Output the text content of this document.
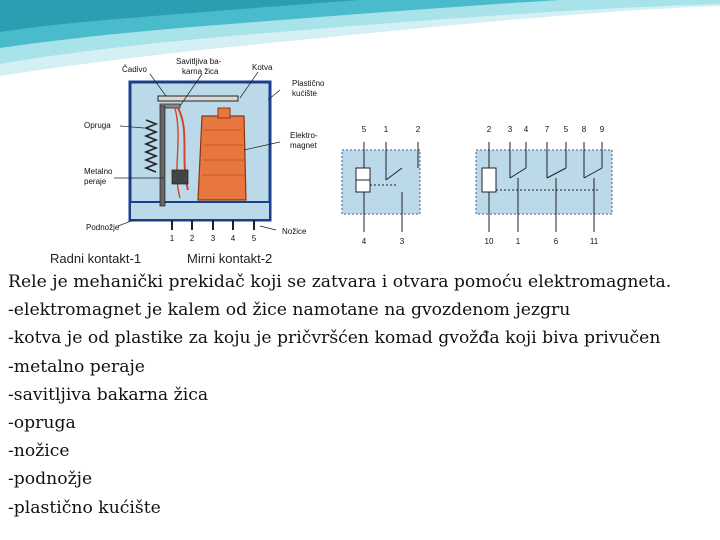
1 2 3 4 5
Čadivo
Savitljiva ba-
karna žica	Kotva
Plastično
kućište
Opruga
Elektro-
magnet
Metalno
peraje
Podnožje	Nožice
5 1	2
4	3
2 3 4 7 5 8 9
10	1	6	11
Radni kontakt-1	Mirni kontakt-2
Rele je mehanički prekidač koji se zatvara i otvara pomoću elektromagneta.
-elektromagnet je kalem od žice namotane na gvozdenom jezgru
-kotva je od plastike za koju je pričvršćen komad gvožđa koji biva privučen
-metalno peraje
-savitljiva bakarna žica
-opruga
-nožice
-podnožje
-plastično kućište
